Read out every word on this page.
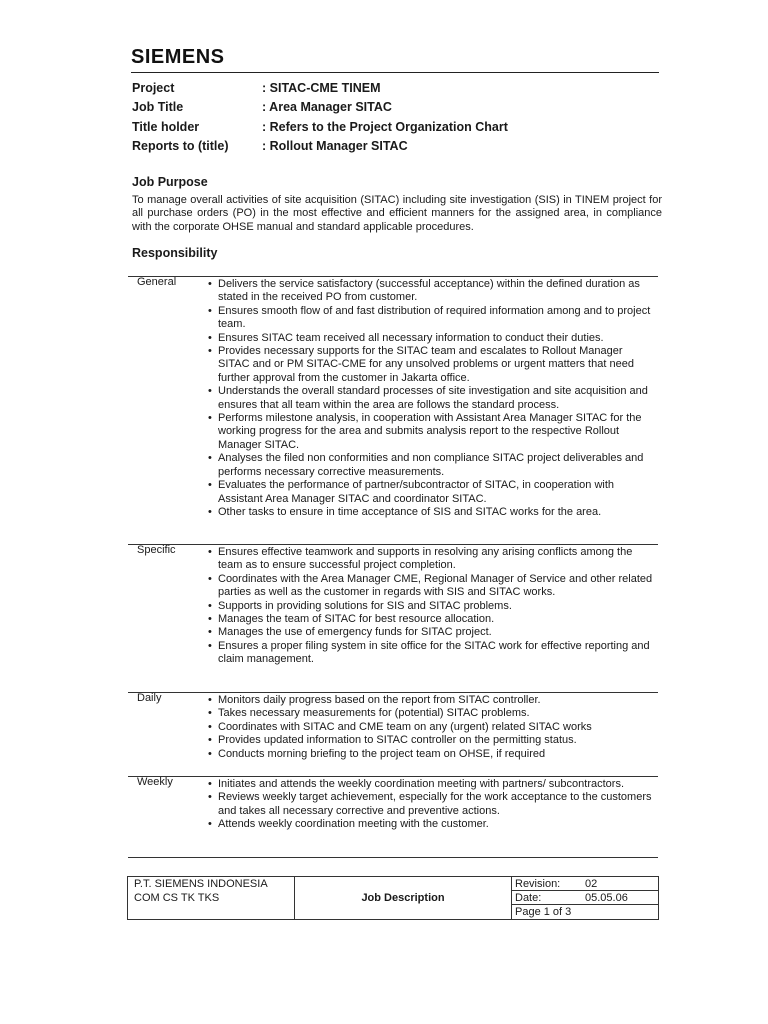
SIEMENS
Project	: SITAC-CME TINEM
Job Title	: Area Manager SITAC
Title holder	: Refers to the Project Organization Chart
Reports to (title)	: Rollout Manager SITAC
Job Purpose
To manage overall activities of site acquisition (SITAC) including site investigation (SIS) in TINEM project for all purchase orders (PO) in the most effective and efficient manners for the assigned area, in compliance with the corporate OHSE manual and standard applicable procedures.
Responsibility
General	• Delivers the service satisfactory (successful acceptance) within the defined duration as stated in the received PO from customer.
• Ensures smooth flow of and fast distribution of required information among and to project team.
• Ensures SITAC team received all necessary information to conduct their duties.
• Provides necessary supports for the SITAC team and escalates to Rollout Manager SITAC and or PM SITAC-CME for any unsolved problems or urgent matters that need further approval from the customer in Jakarta office.
• Understands the overall standard processes of site investigation and site acquisition and ensures that all team within the area are follows the standard process.
• Performs milestone analysis, in cooperation with Assistant Area Manager SITAC for the working progress for the area and submits analysis report to the respective Rollout Manager SITAC.
• Analyses the filed non conformities and non compliance SITAC project deliverables and performs necessary corrective measurements.
• Evaluates the performance of partner/subcontractor of SITAC, in cooperation with Assistant Area Manager SITAC and coordinator SITAC.
• Other tasks to ensure in time acceptance of SIS and SITAC works for the area.
Specific	• Ensures effective teamwork and supports in resolving any arising conflicts among the team as to ensure successful project completion.
• Coordinates with the Area Manager CME, Regional Manager of Service and other related parties as well as the customer in regards with SIS and SITAC works.
• Supports in providing solutions for SIS and SITAC problems.
• Manages the team of SITAC for best resource allocation.
• Manages the use of emergency funds for SITAC project.
• Ensures a proper filing system in site office for the SITAC work for effective reporting and claim management.
Daily	• Monitors daily progress based on the report from SITAC controller.
• Takes necessary measurements for (potential) SITAC problems.
• Coordinates with SITAC and CME team on any (urgent) related SITAC works
• Provides updated information to SITAC controller on the permitting status.
• Conducts morning briefing to the project team on OHSE, if required
Weekly	• Initiates and attends the weekly coordination meeting with partners/ subcontractors.
• Reviews weekly target achievement, especially for the work acceptance to the customers and takes all necessary corrective and preventive actions.
• Attends weekly coordination meeting with the customer.
P.T. SIEMENS INDONESIA
COM CS TK TKS	Job Description
Revision:	02
Date:	05.05.06
Page 1 of 3
